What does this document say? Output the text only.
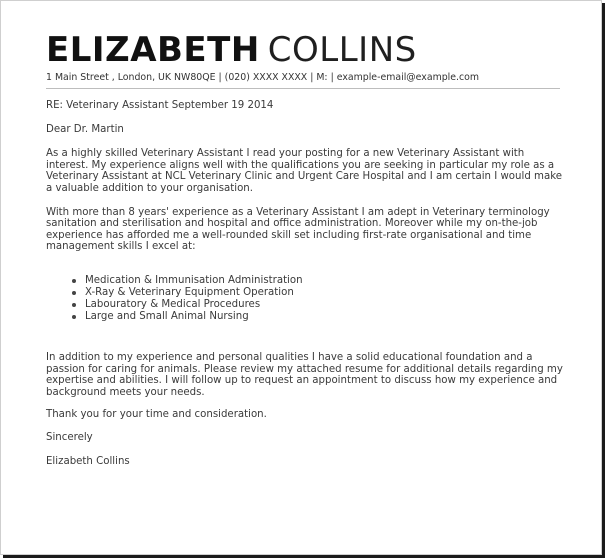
ELIZABETH COLLINS
1 Main Street , London, UK NW80QE | (020) XXXX XXXX | M: | example-email@example.com
RE: Veterinary Assistant September 19 2014
Dear Dr. Martin
As a highly skilled Veterinary Assistant I read your posting for a new Veterinary Assistant with interest. My experience aligns well with the qualifications you are seeking in particular my role as a Veterinary Assistant at NCL Veterinary Clinic and Urgent Care Hospital and I am certain I would make a valuable addition to your organisation.
With more than 8 years' experience as a Veterinary Assistant I am adept in Veterinary terminology sanitation and sterilisation and hospital and office administration. Moreover while my on-the-job experience has afforded me a well-rounded skill set including first-rate organisational and time management skills I excel at:
Medication & Immunisation Administration
X-Ray & Veterinary Equipment Operation
Labouratory & Medical Procedures
Large and Small Animal Nursing
In addition to my experience and personal qualities I have a solid educational foundation and a passion for caring for animals. Please review my attached resume for additional details regarding my expertise and abilities. I will follow up to request an appointment to discuss how my experience and background meets your needs.
Thank you for your time and consideration.
Sincerely
Elizabeth Collins
